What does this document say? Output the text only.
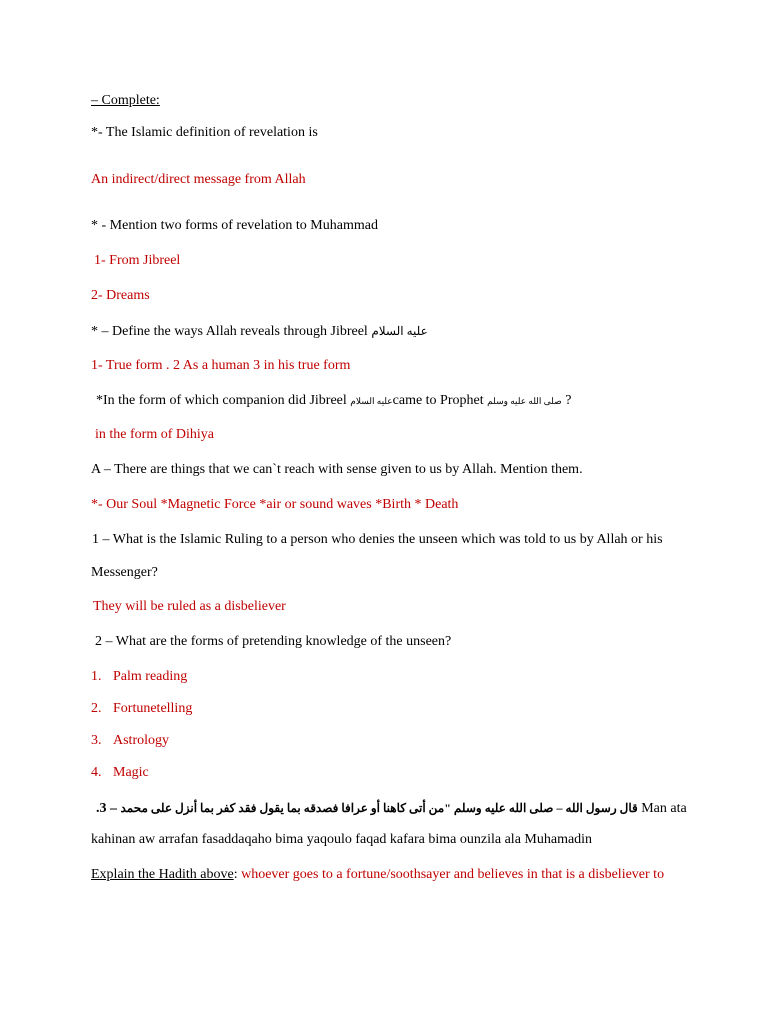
– Complete:
*- The Islamic definition of revelation is
An indirect/direct message from Allah
* - Mention two forms of revelation to Muhammad
1- From Jibreel
2- Dreams
* – Define the ways Allah reveals through Jibreel عليه السلام
1- True form . 2 As a human 3 in his true form
*In the form of which companion did Jibreel عليه السلامcame to Prophet صلى الله عليه وسلم ?
in the form of Dihiya
A – There are things that we can`t reach with sense given to us by Allah. Mention them.
*- Our Soul *Magnetic Force *air or sound waves *Birth * Death
1 – What is the Islamic Ruling to a person who denies the unseen which was told to us by Allah or his
Messenger?
They will be ruled as a disbeliever
2 – What are the forms of pretending knowledge of the unseen?
1. Palm reading
2. Fortunetelling
3. Astrology
4. Magic
.3 – قال رسول الله – صلى الله عليه وسلم "من أتى كاهنا أو عرافا فصدقه بما يقول فقد كفر بما أنزل على محمد Man ata
kahinan aw arrafan fasaddaqaho bima yaqoulo faqad kafara bima ounzila ala Muhamadin
Explain the Hadith above: whoever goes to a fortune/soothsayer and believes in that is a disbeliever to
